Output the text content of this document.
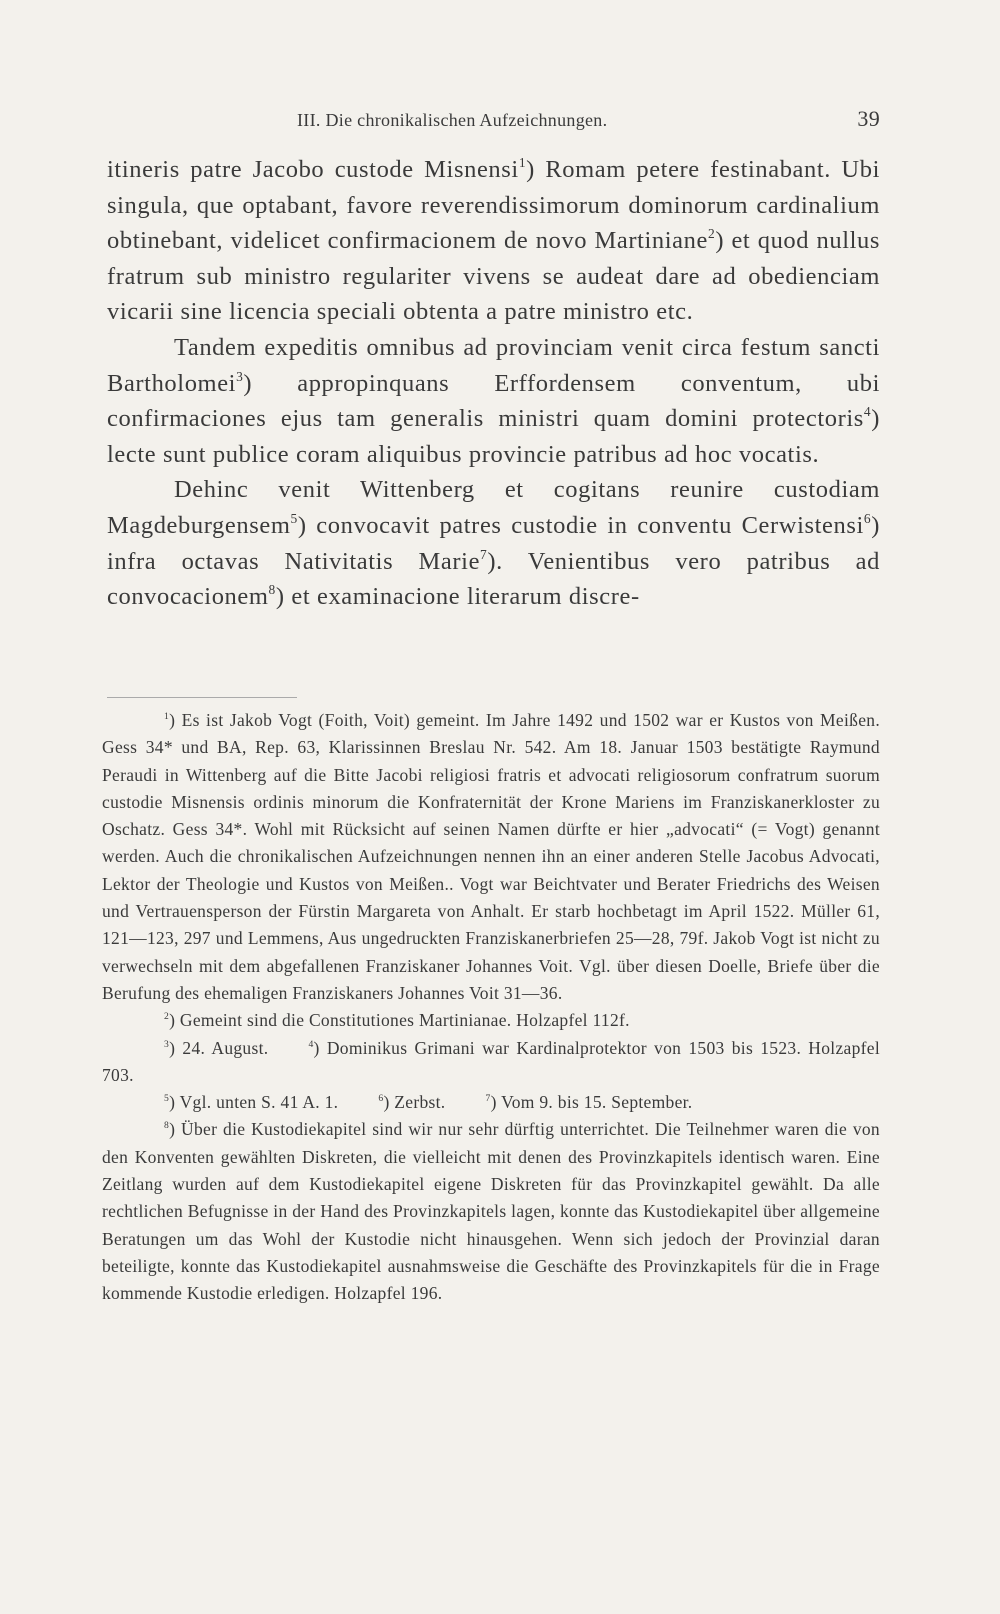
III. Die chronikalischen Aufzeichnungen.	39

itineris patre Jacobo custode Misnensi$^1$) Romam petere festinabant. Ubi singula, que optabant, favore reverendissimorum dominorum cardinalium obtinebant, videlicet confirmacionem de novo Martiniane$^2$) et quod nullus fratrum sub ministro regulariter vivens se audeat dare ad obedienciam vicarii sine licencia speciali obtenta a patre ministro etc.

Tandem expeditis omnibus ad provinciam venit circa festum sancti Bartholomei$^3$) appropinquans Erffordensem conventum, ubi confirmaciones ejus tam generalis ministri quam domini protectoris$^4$) lecte sunt publice coram aliquibus provincie patribus ad hoc vocatis.

Dehinc venit Wittenberg et cogitans reunire custodiam Magdeburgensem$^5$) convocavit patres custodie in conventu Cerwistensi$^6$) infra octavas Nativitatis Marie$^7$). Venientibus vero patribus ad convocacionem$^8$) et examinacione literarum discre-

$^1$) Es ist Jakob Vogt (Foith, Voit) gemeint. Im Jahre 1492 und 1502 war er Kustos von Meißen. Gess 34* und BA, Rep. 63, Klarissinnen Breslau Nr. 542. Am 18. Januar 1503 bestätigte Raymund Peraudi in Wittenberg auf die Bitte Jacobi religiosi fratris et advocati religiosorum confratrum suorum custodie Misnensis ordinis minorum die Konfraternität der Krone Mariens im Franziskanerkloster zu Oschatz. Gess 34*. Wohl mit Rücksicht auf seinen Namen dürfte er hier „advocati“ (= Vogt) genannt werden. Auch die chronikalischen Aufzeichnungen nennen ihn an einer anderen Stelle Jacobus Advocati, Lektor der Theologie und Kustos von Meißen.. Vogt war Beichtvater und Berater Friedrichs des Weisen und Vertrauensperson der Fürstin Margareta von Anhalt. Er starb hochbetagt im April 1522. Müller 61, 121—123, 297 und Lemmens, Aus ungedruckten Franziskanerbriefen 25—28, 79f. Jakob Vogt ist nicht zu verwechseln mit dem abgefallenen Franziskaner Johannes Voit. Vgl. über diesen Doelle, Briefe über die Berufung des ehemaligen Franziskaners Johannes Voit 31—36.

$^2$) Gemeint sind die Constitutiones Martinianae. Holzapfel 112f.

$^3$) 24. August.	$^4$) Dominikus Grimani war Kardinalprotektor von 1503 bis 1523. Holzapfel 703.

$^5$) Vgl. unten S. 41 A. 1.	$^6$) Zerbst.	$^7$) Vom 9. bis 15. September.

$^8$) Über die Kustodiekapitel sind wir nur sehr dürftig unterrichtet. Die Teilnehmer waren die von den Konventen gewählten Diskreten, die vielleicht mit denen des Provinzkapitels identisch waren. Eine Zeitlang wurden auf dem Kustodiekapitel eigene Diskreten für das Provinzkapitel gewählt. Da alle rechtlichen Befugnisse in der Hand des Provinzkapitels lagen, konnte das Kustodiekapitel über allgemeine Beratungen um das Wohl der Kustodie nicht hinausgehen. Wenn sich jedoch der Provinzial daran beteiligte, konnte das Kustodiekapitel ausnahmsweise die Geschäfte des Provinzkapitels für die in Frage kommende Kustodie erledigen. Holzapfel 196.
